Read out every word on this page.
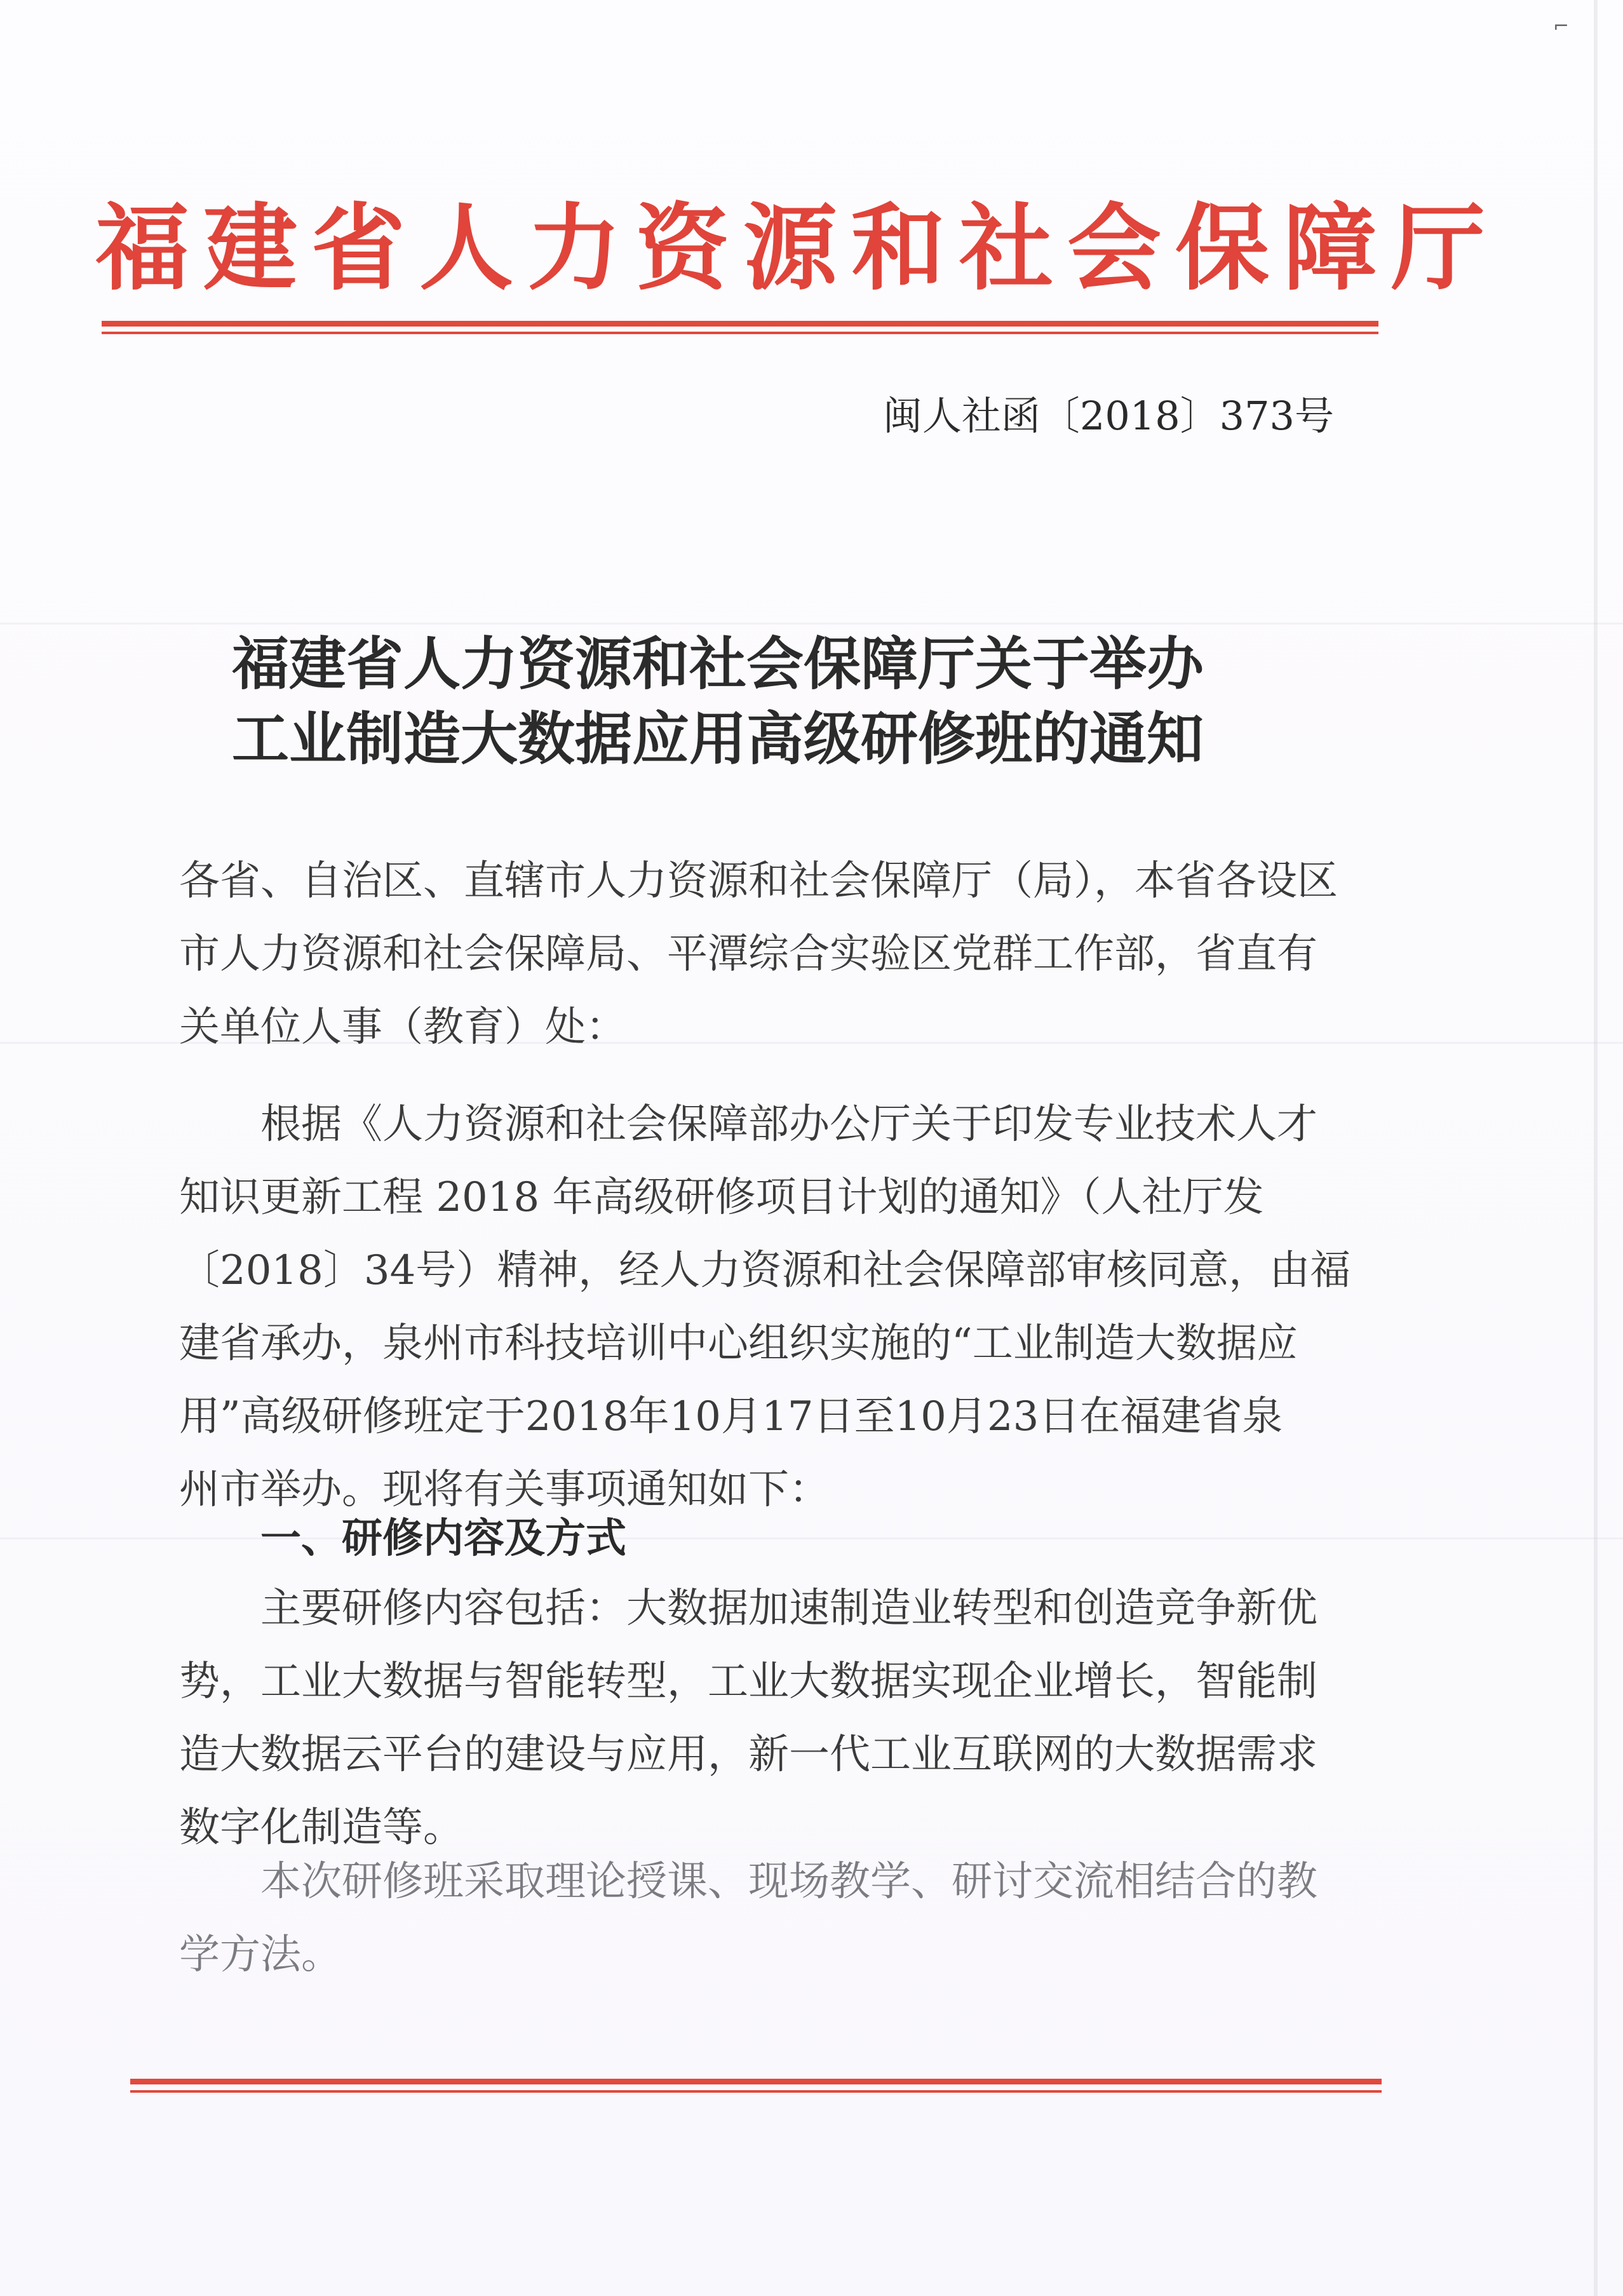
⌐
福建省人力资源和社会保障厅
闽人社函〔2018〕373号
福建省人力资源和社会保障厅关于举办
工业制造大数据应用高级研修班的通知
各省、自治区、直辖市人力资源和社会保障厅（局），本省各设区
市人力资源和社会保障局、平潭综合实验区党群工作部，省直有
关单位人事（教育）处：
根据《人力资源和社会保障部办公厅关于印发专业技术人才
知识更新工程 2018 年高级研修项目计划的通知》（人社厅发
〔2018〕34号）精神，经人力资源和社会保障部审核同意，由福
建省承办，泉州市科技培训中心组织实施的“工业制造大数据应
用”高级研修班定于2018年10月17日至10月23日在福建省泉
州市举办。现将有关事项通知如下：
一、研修内容及方式
主要研修内容包括：大数据加速制造业转型和创造竞争新优
势，工业大数据与智能转型，工业大数据实现企业增长，智能制
造大数据云平台的建设与应用，新一代工业互联网的大数据需求
数字化制造等。
本次研修班采取理论授课、现场教学、研讨交流相结合的教
学方法。
